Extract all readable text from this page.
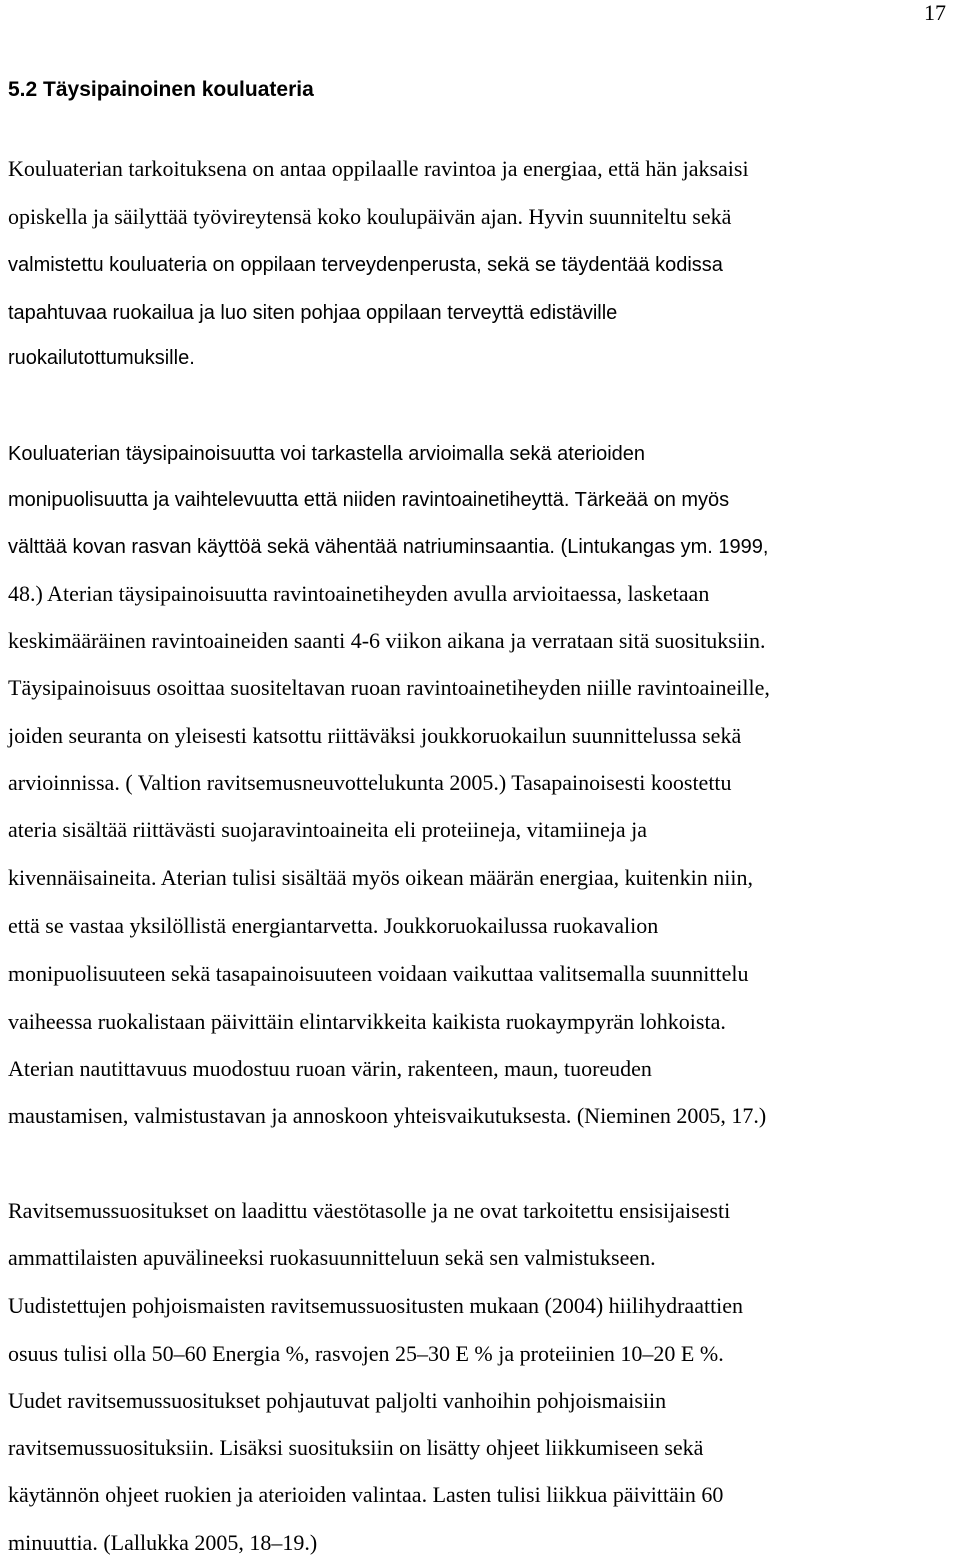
17
5.2 Täysipainoinen kouluateria

Kouluaterian tarkoituksena on antaa oppilaalle ravintoa ja energiaa, että hän jaksaisi

opiskella ja säilyttää työvireytensä koko koulupäivän ajan. Hyvin suunniteltu sekä

valmistettu kouluateria on oppilaan terveydenperusta, sekä se täydentää kodissa

tapahtuvaa ruokailua ja luo siten pohjaa oppilaan terveyttä edistäville

ruokailutottumuksille.

Kouluaterian täysipainoisuutta voi tarkastella arvioimalla sekä aterioiden

monipuolisuutta ja vaihtelevuutta että niiden ravintoainetiheyttä. Tärkeää on myös

välttää kovan rasvan käyttöä sekä vähentää natriuminsaantia. (Lintukangas ym. 1999,

48.) Aterian täysipainoisuutta ravintoainetiheyden avulla arvioitaessa, lasketaan

keskimääräinen ravintoaineiden saanti 4-6 viikon aikana ja verrataan sitä suosituksiin.

Täysipainoisuus osoittaa suositeltavan ruoan ravintoainetiheyden niille ravintoaineille,

joiden seuranta on yleisesti katsottu riittäväksi joukkoruokailun suunnittelussa sekä

arvioinnissa. ( Valtion ravitsemusneuvottelukunta 2005.) Tasapainoisesti koostettu

ateria sisältää riittävästi suojaravintoaineita eli proteiineja, vitamiineja ja

kivennäisaineita. Aterian tulisi sisältää myös oikean määrän energiaa, kuitenkin niin,

että se vastaa yksilöllistä energiantarvetta. Joukkoruokailussa ruokavalion

monipuolisuuteen sekä tasapainoisuuteen voidaan vaikuttaa valitsemalla suunnittelu

vaiheessa ruokalistaan päivittäin elintarvikkeita kaikista ruokaympyrän lohkoista.

Aterian nautittavuus muodostuu ruoan värin, rakenteen, maun, tuoreuden

maustamisen, valmistustavan ja annoskoon yhteisvaikutuksesta. (Nieminen 2005, 17.)

Ravitsemussuositukset on laadittu väestötasolle ja ne ovat tarkoitettu ensisijaisesti

ammattilaisten apuvälineeksi ruokasuunnitteluun sekä sen valmistukseen.

Uudistettujen pohjoismaisten ravitsemussuositusten mukaan (2004) hiilihydraattien

osuus tulisi olla 50–60 Energia %, rasvojen 25–30 E % ja proteiinien 10–20 E %.

Uudet ravitsemussuositukset pohjautuvat paljolti vanhoihin pohjoismaisiin

ravitsemussuosituksiin. Lisäksi suosituksiin on lisätty ohjeet liikkumiseen sekä

käytännön ohjeet ruokien ja aterioiden valintaa. Lasten tulisi liikkua päivittäin 60

minuuttia. (Lallukka 2005, 18–19.)
